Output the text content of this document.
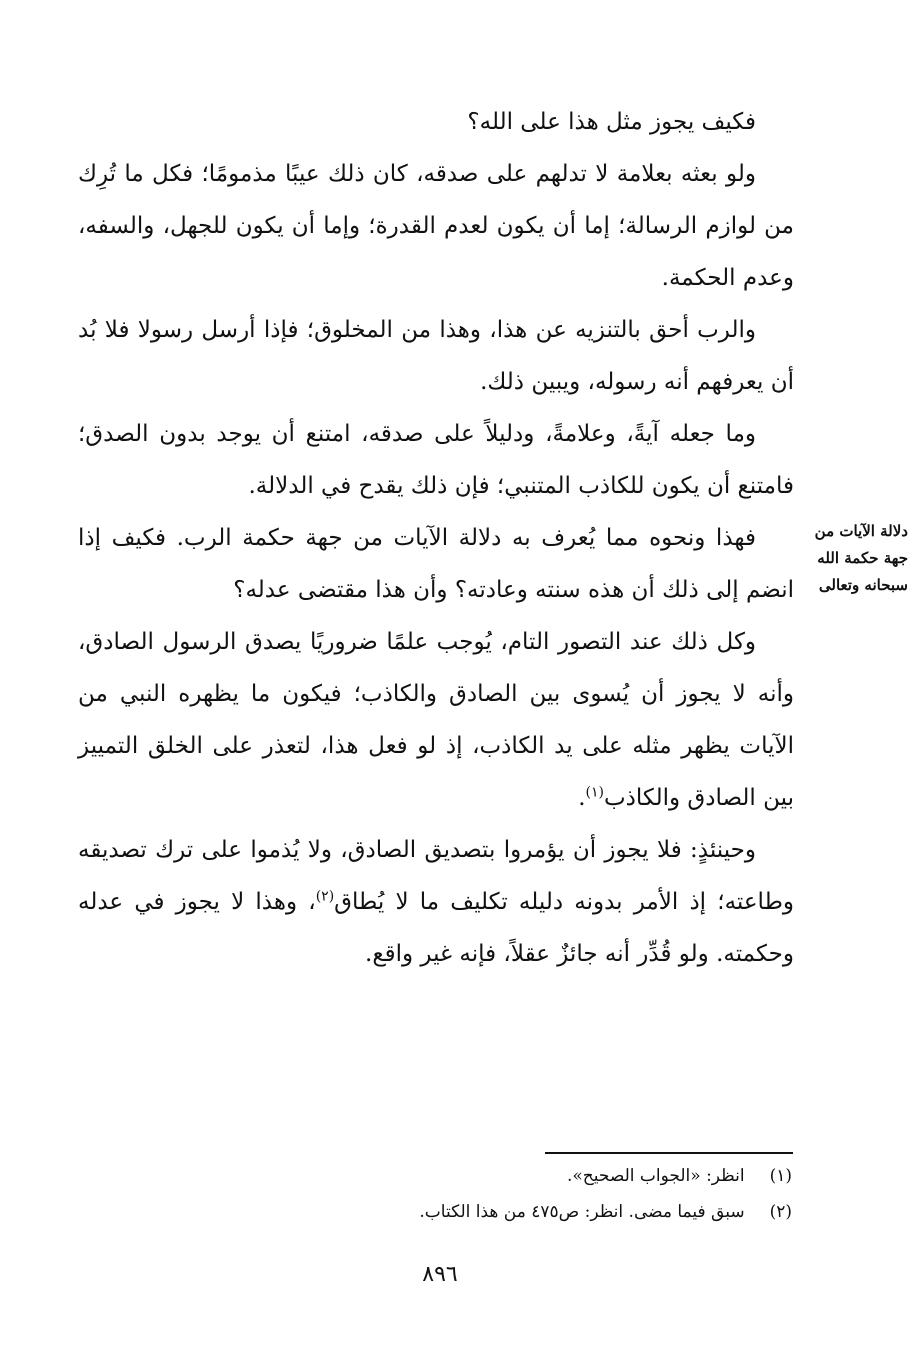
فكيف يجوز مثل هذا على الله؟

ولو بعثه بعلامة لا تدلهم على صدقه، كان ذلك عيبًا مذمومًا؛ فكل ما تُرِك من لوازم الرسالة؛ إما أن يكون لعدم القدرة؛ وإما أن يكون للجهل، والسفه، وعدم الحكمة.

والرب أحق بالتنزيه عن هذا، وهذا من المخلوق؛ فإذا أرسل رسولا فلا بُد أن يعرفهم أنه رسوله، ويبين ذلك.

وما جعله آيةً، وعلامةً، ودليلاً على صدقه، امتنع أن يوجد بدون الصدق؛ فامتنع أن يكون للكاذب المتنبي؛ فإن ذلك يقدح في الدلالة.

فهذا ونحوه مما يُعرف به دلالة الآيات من جهة حكمة الرب. فكيف إذا انضم إلى ذلك أن هذه سنته وعادته؟ وأن هذا مقتضى عدله؟

وكل ذلك عند التصور التام، يُوجب علمًا ضروريًا يصدق الرسول الصادق، وأنه لا يجوز أن يُسوى بين الصادق والكاذب؛ فيكون ما يظهره النبي من الآيات يظهر مثله على يد الكاذب، إذ لو فعل هذا، لتعذر على الخلق التمييز بين الصادق والكاذب$^{(١)}$.

وحينئذٍ: فلا يجوز أن يؤمروا بتصديق الصادق، ولا يُذموا على ترك تصديقه وطاعته؛ إذ الأمر بدونه دليله تكليف ما لا يُطاق$^{(٢)}$، وهذا لا يجوز في عدله وحكمته. ولو قُدِّر أنه جائزٌ عقلاً، فإنه غير واقع.

دلالة الآيات من
جهة حكمة الله
سبحانه وتعالى
(١) انظر: «الجواب الصحيح».
(٢) سبق فيما مضى. انظر: ص٤٧٥ من هذا الكتاب.
٨٩٦
